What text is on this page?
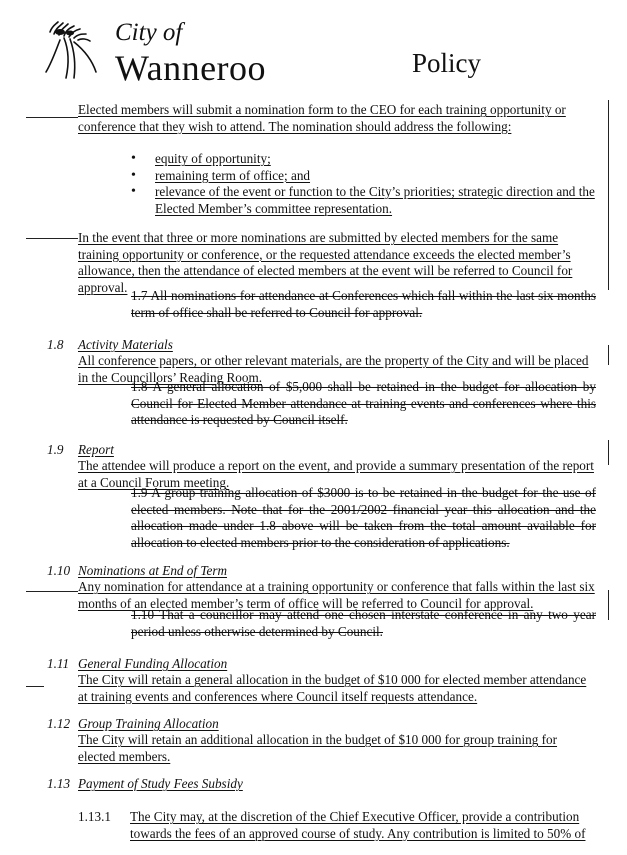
City of
Wanneroo	Policy
Elected members will submit a nomination form to the CEO for each training opportunity or conference that they wish to attend. The nomination should address the following:
• equity of opportunity;
• remaining term of office; and
• relevance of the event or function to the City’s priorities; strategic direction and the Elected Member’s committee representation.
In the event that three or more nominations are submitted by elected members for the same training opportunity or conference, or the requested attendance exceeds the elected member’s allowance, then the attendance of elected members at the event will be referred to Council for approval.
1.7 All nominations for attendance at Conferences which fall within the last six months term of office shall be referred to Council for approval.
1.8 Activity Materials
All conference papers, or other relevant materials, are the property of the City and will be placed in the Councillors’ Reading Room.
1.8 A general allocation of $5,000 shall be retained in the budget for allocation by Council for Elected Member attendance at training events and conferences where this attendance is requested by Council itself.
1.9 Report
The attendee will produce a report on the event, and provide a summary presentation of the report at a Council Forum meeting.
1.9 A group training allocation of $3000 is to be retained in the budget for the use of elected members. Note that for the 2001/2002 financial year this allocation and the allocation made under 1.8 above will be taken from the total amount available for allocation to elected members prior to the consideration of applications.
1.10 Nominations at End of Term
Any nomination for attendance at a training opportunity or conference that falls within the last six months of an elected member’s term of office will be referred to Council for approval.
1.10 That a councillor may attend one chosen interstate conference in any two year period unless otherwise determined by Council.
1.11 General Funding Allocation
The City will retain a general allocation in the budget of $10 000 for elected member attendance at training events and conferences where Council itself requests attendance.
1.12 Group Training Allocation
The City will retain an additional allocation in the budget of $10 000 for group training for elected members.
1.13 Payment of Study Fees Subsidy
1.13.1 The City may, at the discretion of the Chief Executive Officer, provide a contribution
towards the fees of an approved course of study. Any contribution is limited to 50% of
